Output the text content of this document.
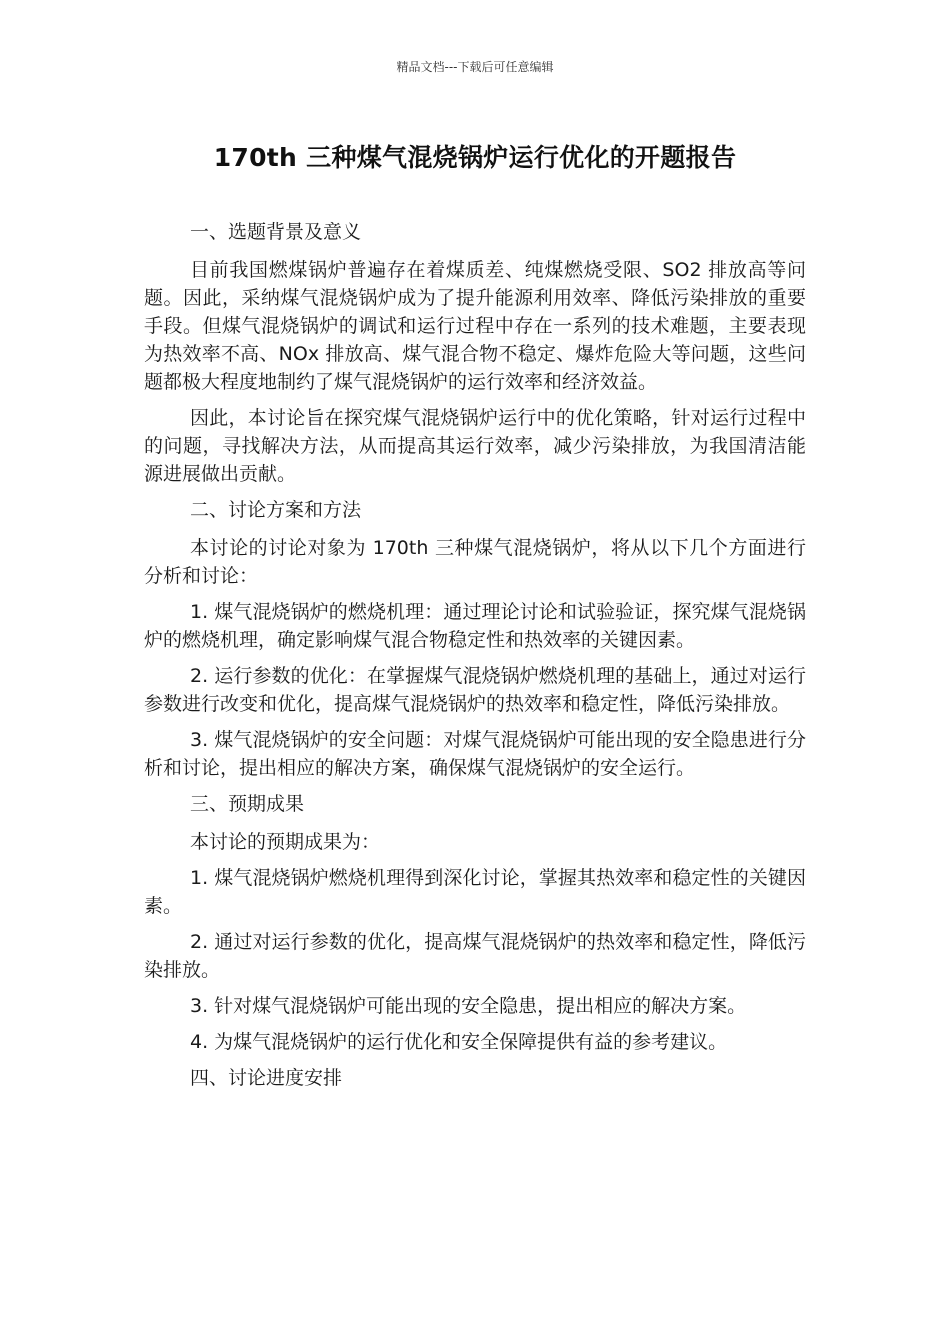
精品文档---下载后可任意编辑
170th 三种煤气混烧锅炉运行优化的开题报告

一、选题背景及意义

目前我国燃煤锅炉普遍存在着煤质差、纯煤燃烧受限、SO2 排放高等问题。因此，采纳煤气混烧锅炉成为了提升能源利用效率、降低污染排放的重要手段。但煤气混烧锅炉的调试和运行过程中存在一系列的技术难题，主要表现为热效率不高、NOx 排放高、煤气混合物不稳定、爆炸危险大等问题，这些问题都极大程度地制约了煤气混烧锅炉的运行效率和经济效益。

因此，本讨论旨在探究煤气混烧锅炉运行中的优化策略，针对运行过程中的问题，寻找解决方法，从而提高其运行效率，减少污染排放，为我国清洁能源进展做出贡献。

二、讨论方案和方法

本讨论的讨论对象为 170th 三种煤气混烧锅炉，将从以下几个方面进行分析和讨论：

1. 煤气混烧锅炉的燃烧机理：通过理论讨论和试验验证，探究煤气混烧锅炉的燃烧机理，确定影响煤气混合物稳定性和热效率的关键因素。

2. 运行参数的优化：在掌握煤气混烧锅炉燃烧机理的基础上，通过对运行参数进行改变和优化，提高煤气混烧锅炉的热效率和稳定性，降低污染排放。

3. 煤气混烧锅炉的安全问题：对煤气混烧锅炉可能出现的安全隐患进行分析和讨论，提出相应的解决方案，确保煤气混烧锅炉的安全运行。

三、预期成果

本讨论的预期成果为：

1. 煤气混烧锅炉燃烧机理得到深化讨论，掌握其热效率和稳定性的关键因素。

2. 通过对运行参数的优化，提高煤气混烧锅炉的热效率和稳定性，降低污染排放。

3. 针对煤气混烧锅炉可能出现的安全隐患，提出相应的解决方案。

4. 为煤气混烧锅炉的运行优化和安全保障提供有益的参考建议。

四、讨论进度安排
